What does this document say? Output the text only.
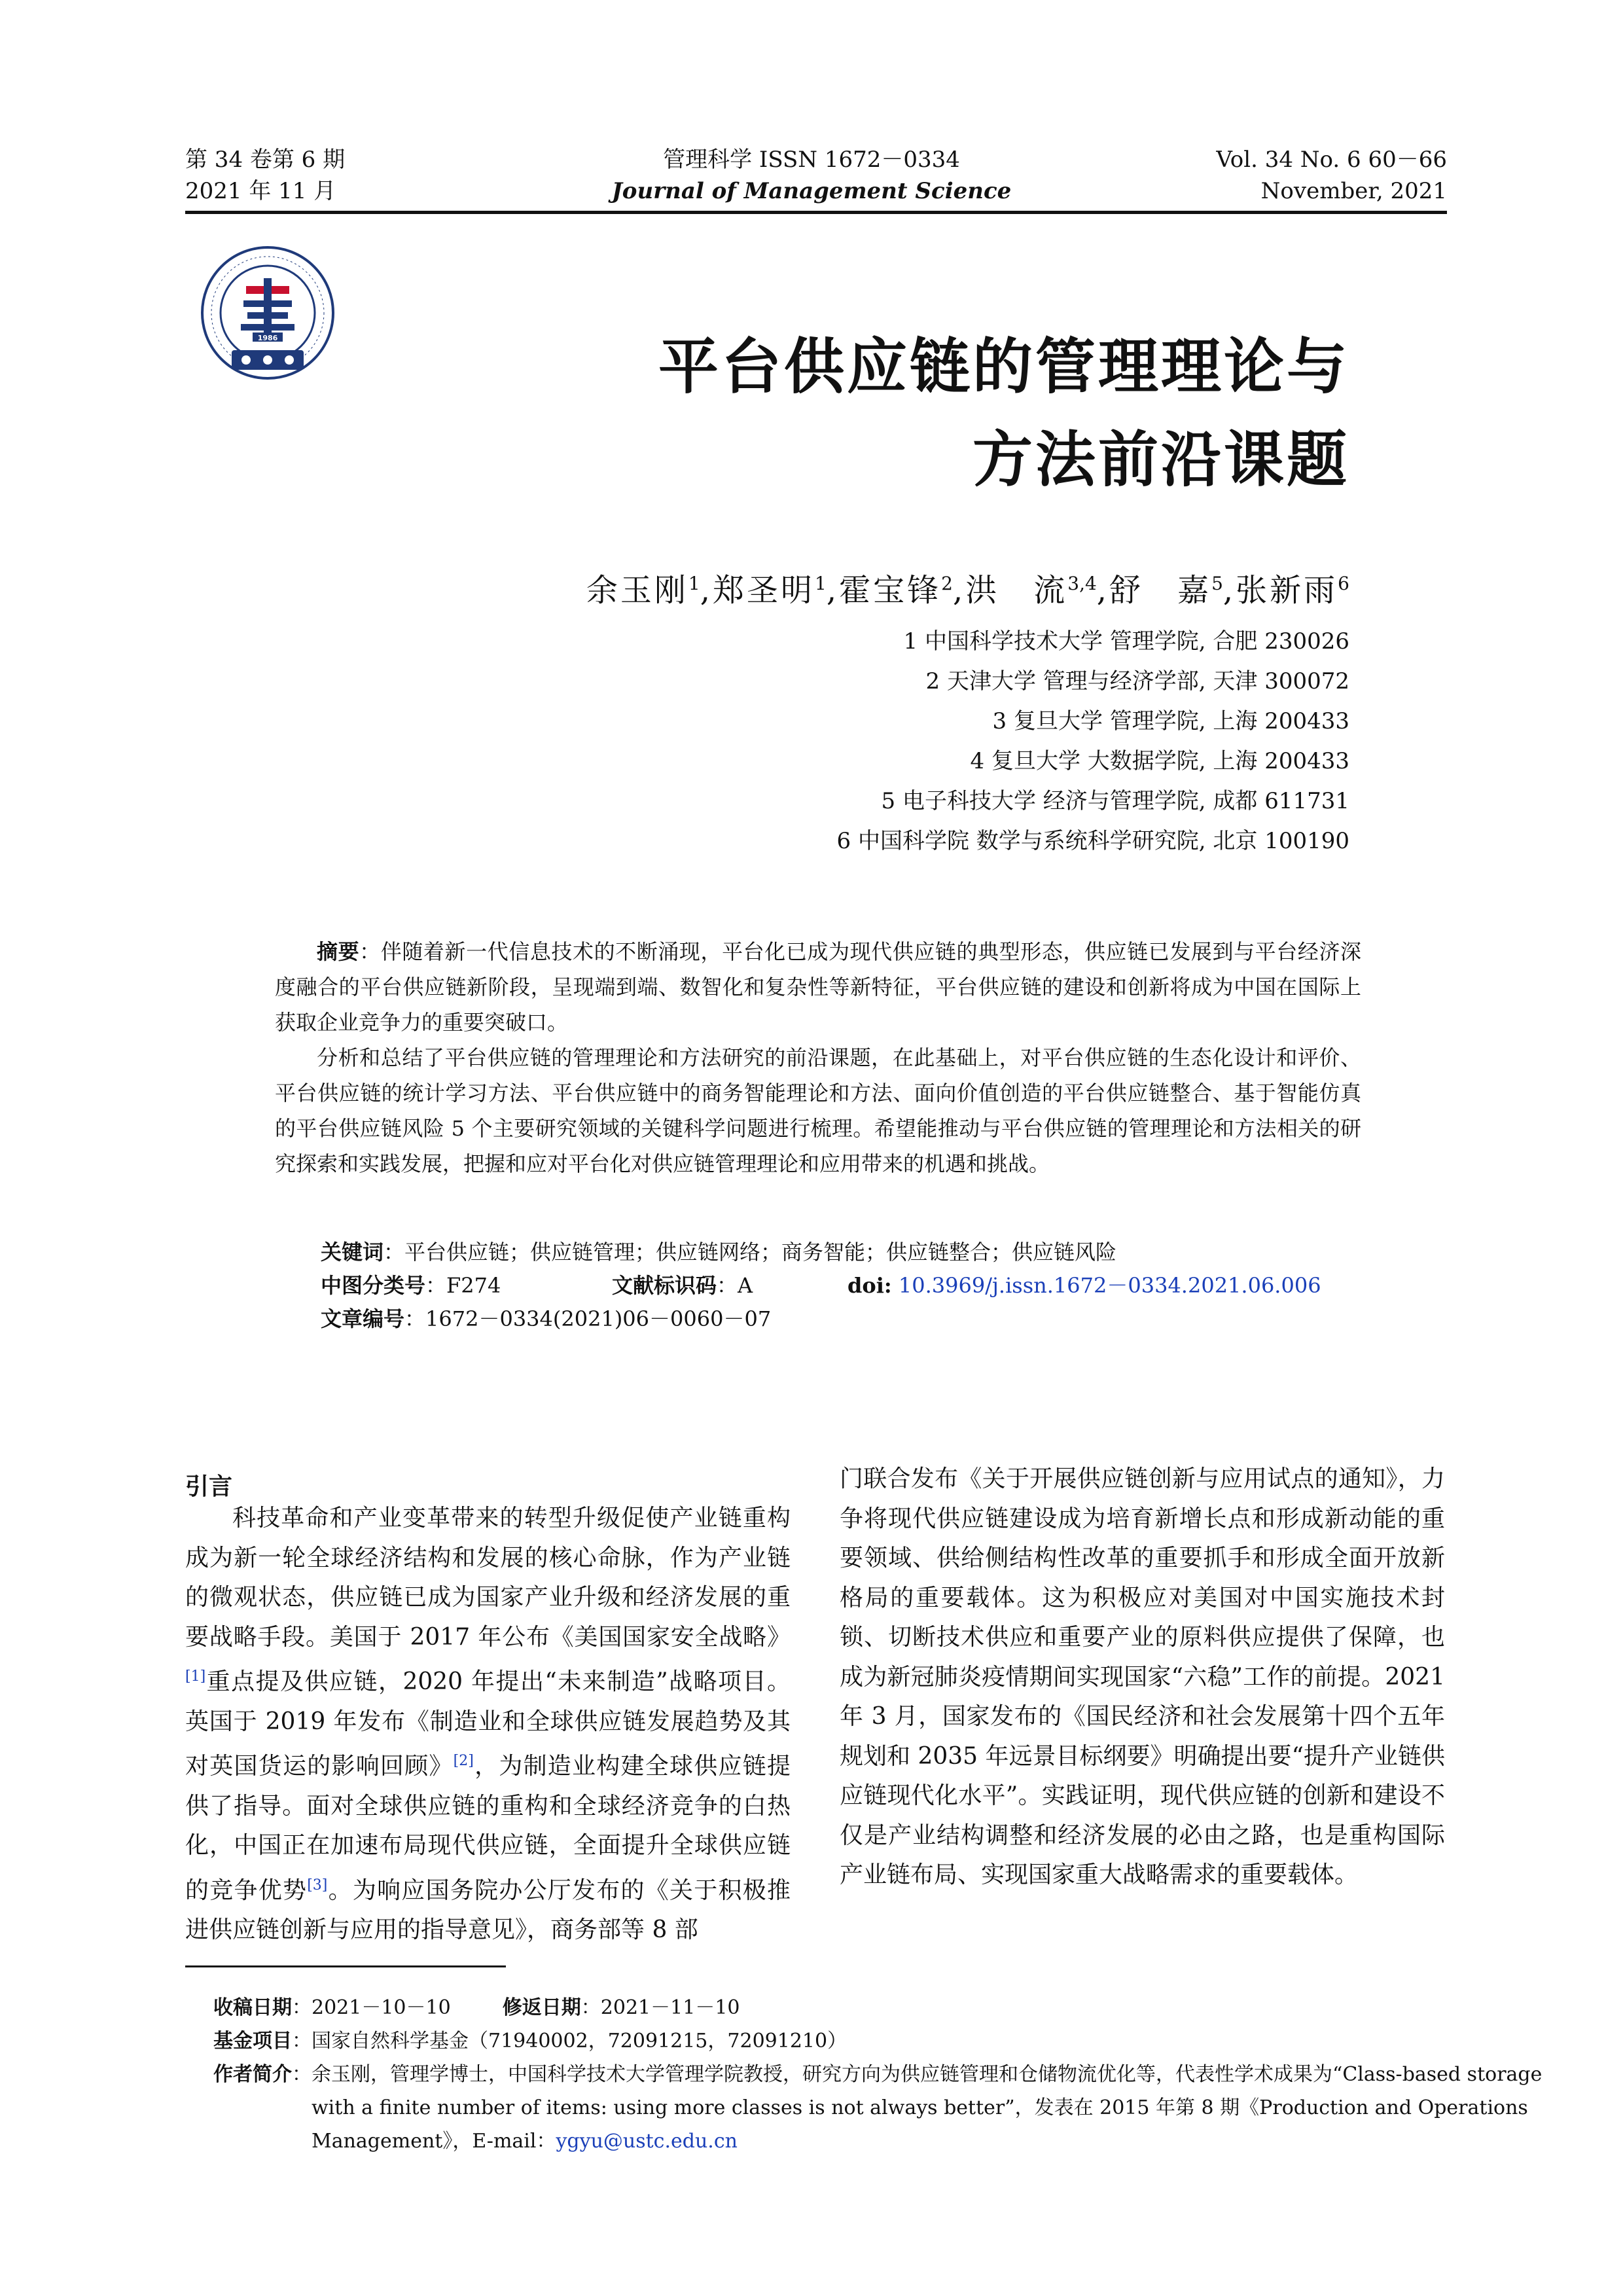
第 34 卷第 6 期
2021 年 11 月
管理科学 ISSN 1672－0334
Journal of Management Science
Vol. 34 No. 6 60－66
November, 2021
1986	平台供应链的管理理论与
方法前沿课题
余玉刚$^1$,郑圣明$^1$,霍宝锋$^2$,洪　流$^{3,4}$,舒　嘉$^5$,张新雨$^6$
1 中国科学技术大学 管理学院, 合肥 230026
2 天津大学 管理与经济学部, 天津 300072
3 复旦大学 管理学院, 上海 200433
4 复旦大学 大数据学院, 上海 200433
5 电子科技大学 经济与管理学院, 成都 611731
6 中国科学院 数学与系统科学研究院, 北京 100190

摘要：伴随着新一代信息技术的不断涌现，平台化已成为现代供应链的典型形态，供应链已发展到与平台经济深度融合的平台供应链新阶段，呈现端到端、数智化和复杂性等新特征，平台供应链的建设和创新将成为中国在国际上获取企业竞争力的重要突破口。

分析和总结了平台供应链的管理理论和方法研究的前沿课题，在此基础上，对平台供应链的生态化设计和评价、平台供应链的统计学习方法、平台供应链中的商务智能理论和方法、面向价值创造的平台供应链整合、基于智能仿真的平台供应链风险 5 个主要研究领域的关键科学问题进行梳理。希望能推动与平台供应链的管理理论和方法相关的研究探索和实践发展，把握和应对平台化对供应链管理理论和应用带来的机遇和挑战。

关键词：平台供应链；供应链管理；供应链网络；商务智能；供应链整合；供应链风险
中图分类号：F274	文献标识码：A	doi: 10.3969/j.issn.1672－0334.2021.06.006
文章编号：1672－0334(2021)06－0060－07
引言

科技革命和产业变革带来的转型升级促使产业链重构成为新一轮全球经济结构和发展的核心命脉，作为产业链的微观状态，供应链已成为国家产业升级和经济发展的重要战略手段。美国于 2017 年公布《美国国家安全战略》[1]重点提及供应链，2020 年提出“未来制造”战略项目。英国于 2019 年发布《制造业和全球供应链发展趋势及其对英国货运的影响回顾》[2]，为制造业构建全球供应链提供了指导。面对全球供应链的重构和全球经济竞争的白热化，中国正在加速布局现代供应链，全面提升全球供应链的竞争优势[3]。为响应国务院办公厅发布的《关于积极推进供应链创新与应用的指导意见》，商务部等 8 部

门联合发布《关于开展供应链创新与应用试点的通知》，力争将现代供应链建设成为培育新增长点和形成新动能的重要领域、供给侧结构性改革的重要抓手和形成全面开放新格局的重要载体。这为积极应对美国对中国实施技术封锁、切断技术供应和重要产业的原料供应提供了保障，也成为新冠肺炎疫情期间实现国家“六稳”工作的前提。2021 年 3 月，国家发布的《国民经济和社会发展第十四个五年规划和 2035 年远景目标纲要》明确提出要“提升产业链供应链现代化水平”。实践证明，现代供应链的创新和建设不仅是产业结构调整和经济发展的必由之路，也是重构国际产业链布局、实现国家重大战略需求的重要载体。

收稿日期：2021－10－10	修返日期：2021－11－10
基金项目：国家自然科学基金（71940002，72091215，72091210）
作者简介：余玉刚，管理学博士，中国科学技术大学管理学院教授，研究方向为供应链管理和仓储物流优化等，代表性学术成果为“Class-based storage with a finite number of items: using more classes is not always better”，发表在 2015 年第 8 期《Production and Operations Management》，E-mail：ygyu@ustc.edu.cn
